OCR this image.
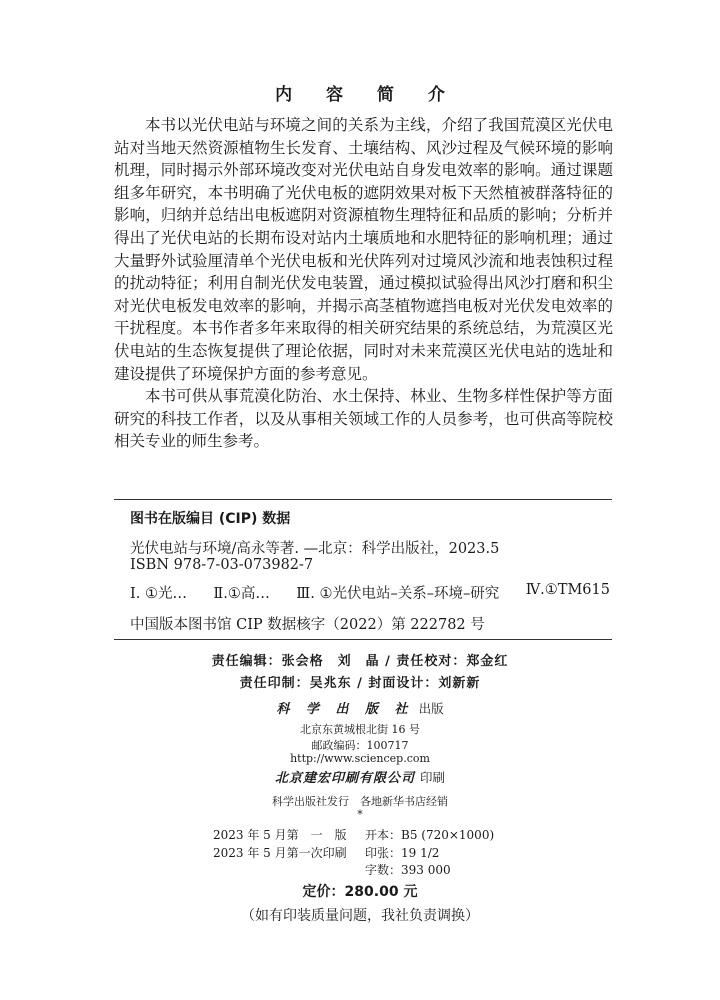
内 容 简 介

本书以光伏电站与环境之间的关系为主线，介绍了我国荒漠区光伏电站对当地天然资源植物生长发育、土壤结构、风沙过程及气候环境的影响机理，同时揭示外部环境改变对光伏电站自身发电效率的影响。通过课题组多年研究，本书明确了光伏电板的遮阴效果对板下天然植被群落特征的影响，归纳并总结出电板遮阴对资源植物生理特征和品质的影响；分析并得出了光伏电站的长期布设对站内土壤质地和水肥特征的影响机理；通过大量野外试验厘清单个光伏电板和光伏阵列对过境风沙流和地表蚀积过程的扰动特征；利用自制光伏发电装置，通过模拟试验得出风沙打磨和积尘对光伏电板发电效率的影响，并揭示高茎植物遮挡电板对光伏发电效率的干扰程度。本书作者多年来取得的相关研究结果的系统总结，为荒漠区光伏电站的生态恢复提供了理论依据，同时对未来荒漠区光伏电站的选址和建设提供了环境保护方面的参考意见。

本书可供从事荒漠化防治、水土保持、林业、生物多样性保护等方面研究的科技工作者，以及从事相关领域工作的人员参考，也可供高等院校相关专业的师生参考。

图书在版编目 (CIP) 数据
光伏电站与环境/高永等著. —北京：科学出版社，2023.5
ISBN 978-7-03-073982-7
Ⅰ. ①光… Ⅱ.①高… Ⅲ. ①光伏电站–关系–环境–研究 Ⅳ.①TM615
中国版本图书馆 CIP 数据核字（2022）第 222782 号
责任编辑：张会格　刘　晶 / 责任校对：郑金红
责任印制：吴兆东 / 封面设计：刘新新
科 学 出 版 社 出版
北京东黄城根北街 16 号
邮政编码：100717
http://www.sciencep.com
北京建宏印刷有限公司 印刷
科学出版社发行　各地新华书店经销
*
2023 年 5 月第　一　版 开本：B5 (720×1000)
2023 年 5 月第一次印刷 印张：19 1/2
字数：393 000
定价：280.00 元
（如有印装质量问题，我社负责调换）
